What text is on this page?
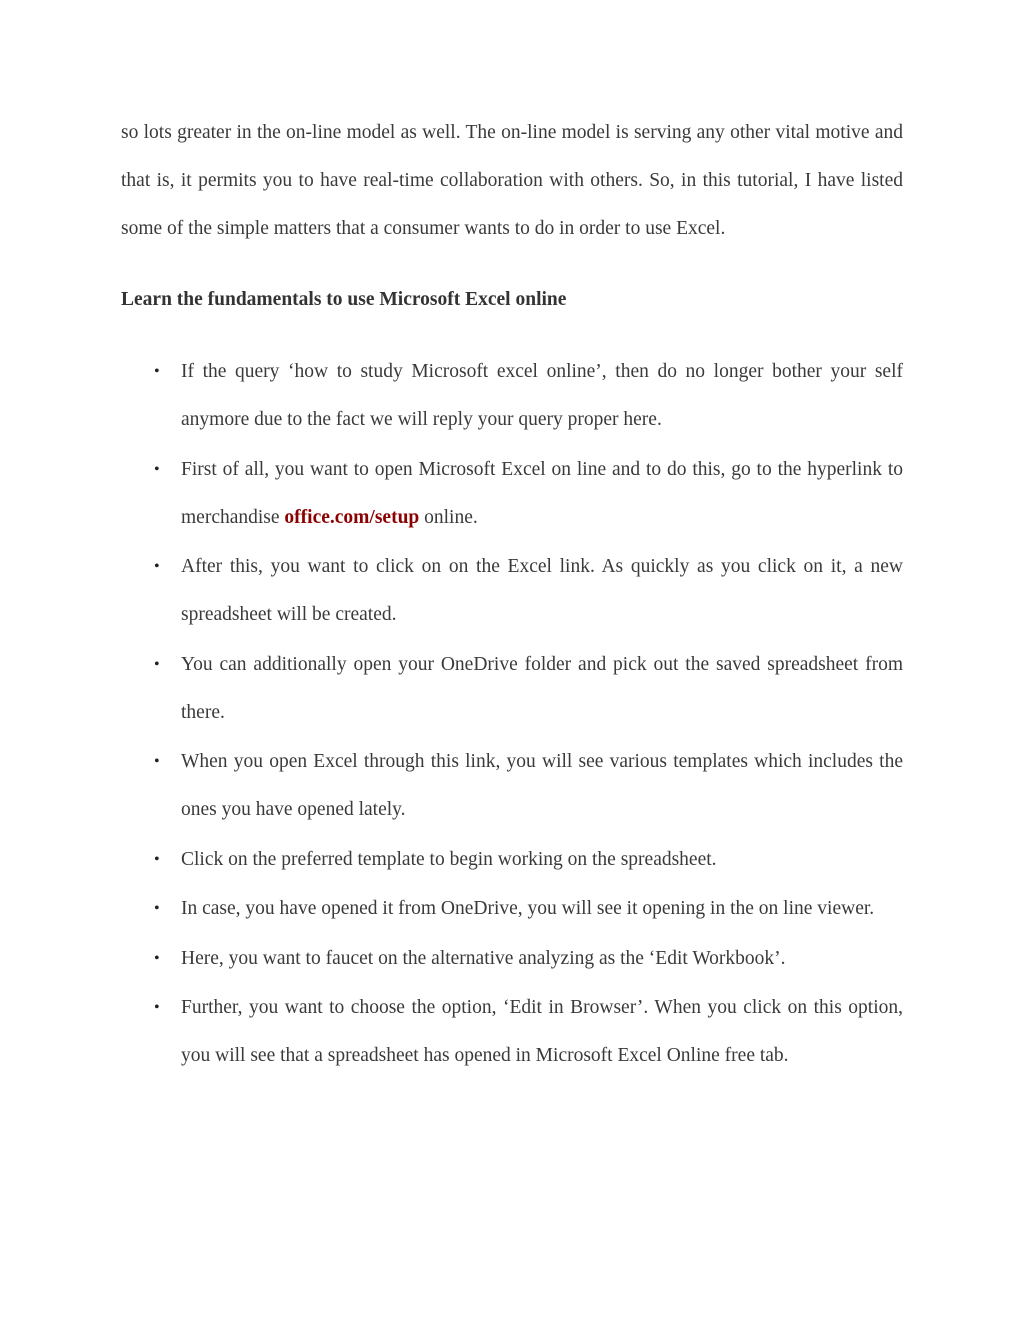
so lots greater in the on-line model as well. The on-line model is serving any other vital motive and that is, it permits you to have real-time collaboration with others. So, in this tutorial, I have listed some of the simple matters that a consumer wants to do in order to use Excel.

Learn the fundamentals to use Microsoft Excel online
• If the query ‘how to study Microsoft excel online’, then do no longer bother your self anymore due to the fact we will reply your query proper here.
• First of all, you want to open Microsoft Excel on line and to do this, go to the hyperlink to merchandise office.com/setup online.
• After this, you want to click on on the Excel link. As quickly as you click on it, a new spreadsheet will be created.
• You can additionally open your OneDrive folder and pick out the saved spreadsheet from there.
• When you open Excel through this link, you will see various templates which includes the ones you have opened lately.
• Click on the preferred template to begin working on the spreadsheet.
• In case, you have opened it from OneDrive, you will see it opening in the on line viewer.
• Here, you want to faucet on the alternative analyzing as the ‘Edit Workbook’.
• Further, you want to choose the option, ‘Edit in Browser’. When you click on this option, you will see that a spreadsheet has opened in Microsoft Excel Online free tab.
